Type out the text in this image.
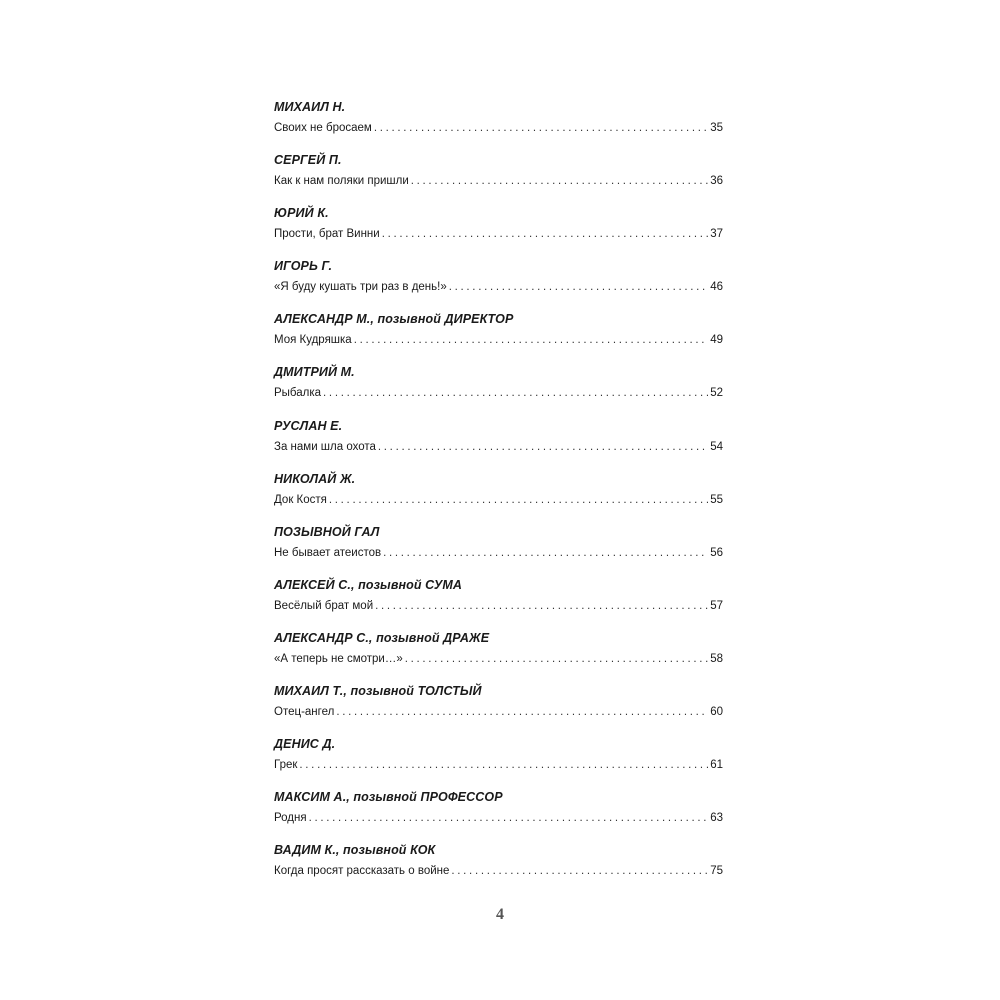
МИХАИЛ Н.
Своих не бросаем . . .	35
СЕРГЕЙ П.
Как к нам поляки пришли . . .	36
ЮРИЙ К.
Прости, брат Винни . . .	37
ИГОРЬ Г.
«Я буду кушать три раз в день!» . . .	46
АЛЕКСАНДР М., позывной ДИРЕКТОР
Моя Кудряшка . . .	49
ДМИТРИЙ М.
Рыбалка . . .	52
РУСЛАН Е.
За нами шла охота . . .	54
НИКОЛАЙ Ж.
Док Костя . . .	55
ПОЗЫВНОЙ ГАЛ
Не бывает атеистов . . .	56
АЛЕКСЕЙ С., позывной СУМА
Весёлый брат мой . . .	57
АЛЕКСАНДР С., позывной ДРАЖЕ
«А теперь не смотри…» . . .	58
МИХАИЛ Т., позывной ТОЛСТЫЙ
Отец-ангел . . .	60
ДЕНИС Д.
Грек . . .	61
МАКСИМ А., позывной ПРОФЕССОР
Родня . . .	63
ВАДИМ К., позывной КОК
Когда просят рассказать о войне . . .	75
4
